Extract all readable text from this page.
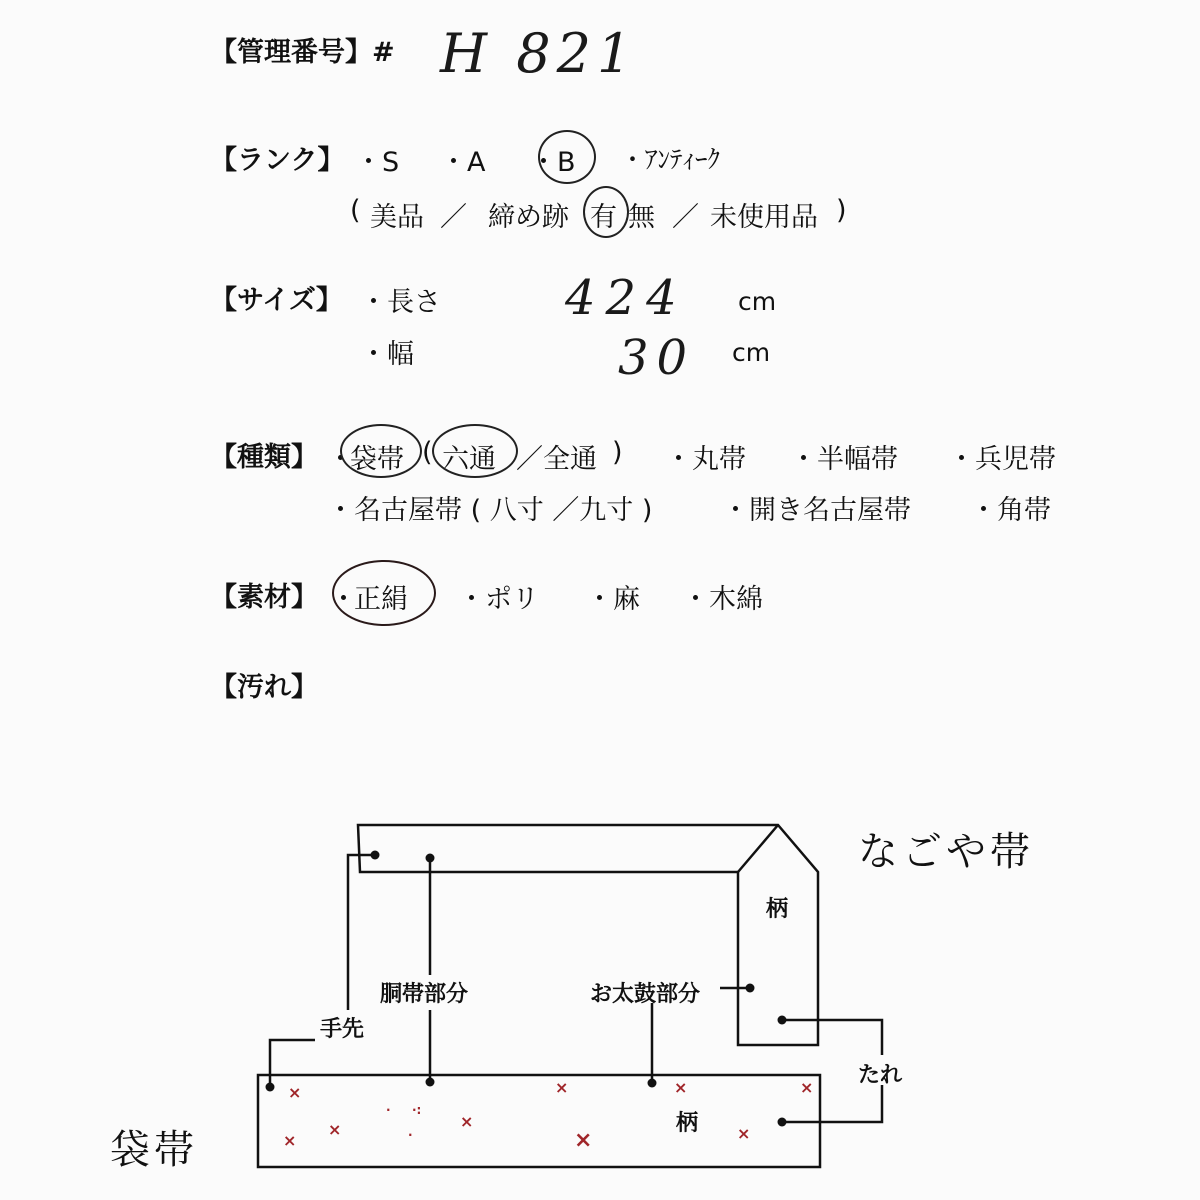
【管理番号】# H 821
【ランク】 ・S ・A ・B ・ｱﾝﾃｨｰｸ
( 美品 ／ 締め跡 有 無 ／ 未使用品 )
【サイズ】 ・長さ	424 cm
・幅	30 cm
【種類】 ・
袋帯 ( 六通 ／全通 ) ・丸帯 ・半幅帯 ・兵児帯
・名古屋帯 ( 八寸 ／九寸 )	・開き名古屋帯 ・角帯
【素材】 ・
正絹 ・ポリ ・麻 ・木綿
【汚れ】
なごや帯
袋帯
柄
柄
胴帯部分	お太鼓部分
手先
たれ
×
×
×
· ·:
·
×
×
×
×
×
×
